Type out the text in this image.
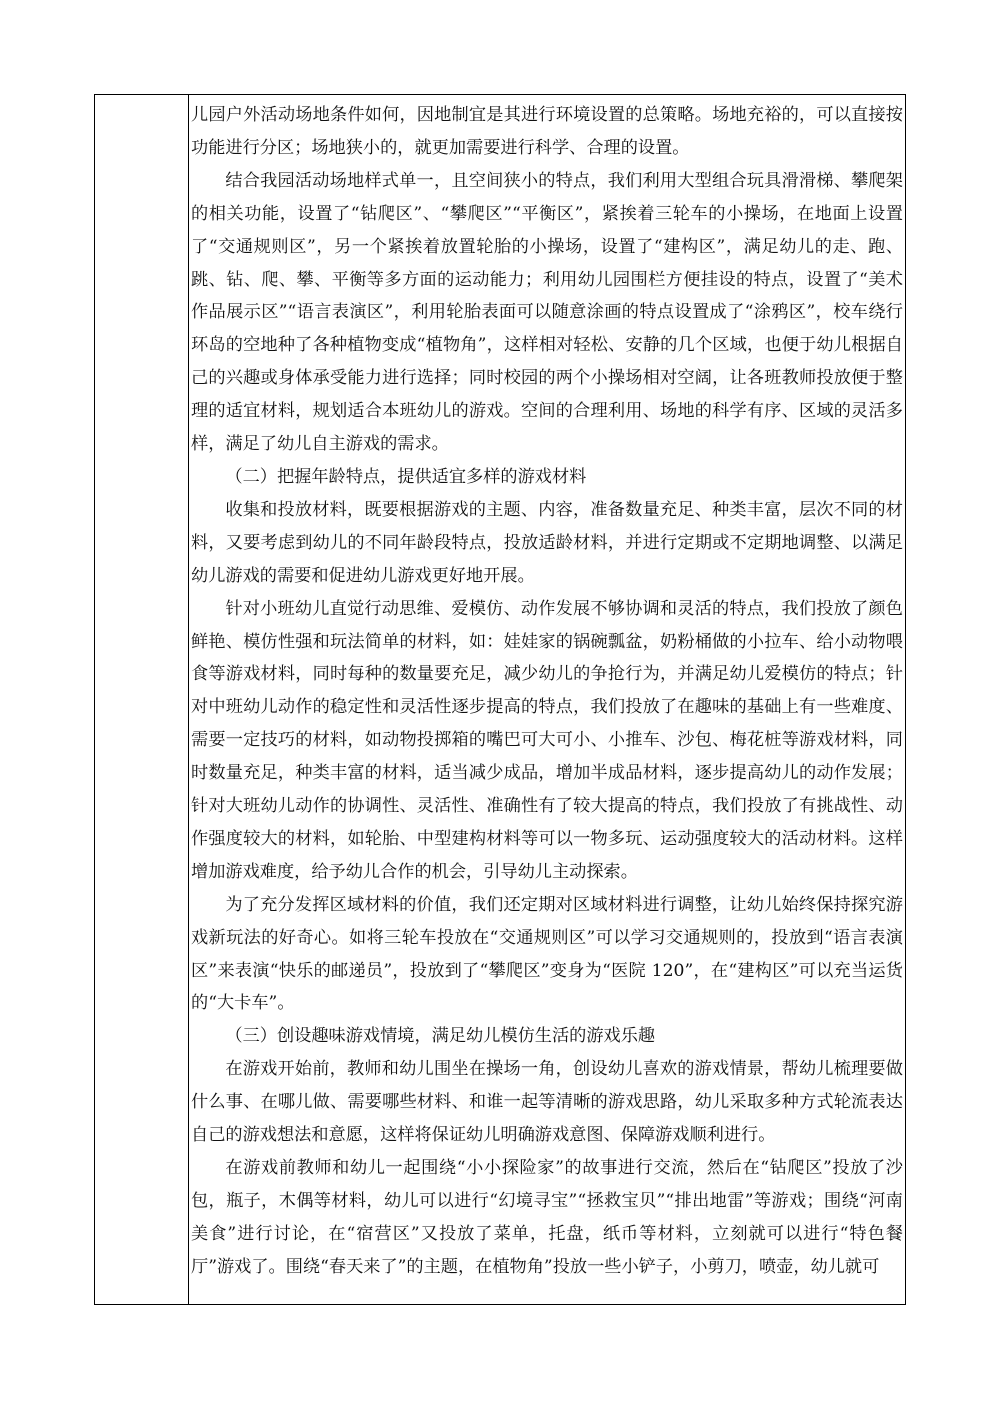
儿园户外活动场地条件如何，因地制宜是其进行环境设置的总策略。场地充裕的，可以直接按功能进行分区；场地狭小的，就更加需要进行科学、合理的设置。

结合我园活动场地样式单一，且空间狭小的特点，我们利用大型组合玩具滑滑梯、攀爬架的相关功能，设置了“钻爬区”、“攀爬区”“平衡区”，紧挨着三轮车的小操场，在地面上设置了“交通规则区”，另一个紧挨着放置轮胎的小操场，设置了“建构区”，满足幼儿的走、跑、跳、钻、爬、攀、平衡等多方面的运动能力；利用幼儿园围栏方便挂设的特点，设置了“美术作品展示区”“语言表演区”，利用轮胎表面可以随意涂画的特点设置成了“涂鸦区”，校车绕行环岛的空地种了各种植物变成“植物角”，这样相对轻松、安静的几个区域，也便于幼儿根据自己的兴趣或身体承受能力进行选择；同时校园的两个小操场相对空阔，让各班教师投放便于整理的适宜材料，规划适合本班幼儿的游戏。空间的合理利用、场地的科学有序、区域的灵活多样，满足了幼儿自主游戏的需求。

（二）把握年龄特点，提供适宜多样的游戏材料

收集和投放材料，既要根据游戏的主题、内容，准备数量充足、种类丰富，层次不同的材料，又要考虑到幼儿的不同年龄段特点，投放适龄材料，并进行定期或不定期地调整、以满足幼儿游戏的需要和促进幼儿游戏更好地开展。

针对小班幼儿直觉行动思维、爱模仿、动作发展不够协调和灵活的特点，我们投放了颜色鲜艳、模仿性强和玩法简单的材料，如：娃娃家的锅碗瓢盆，奶粉桶做的小拉车、给小动物喂食等游戏材料，同时每种的数量要充足，减少幼儿的争抢行为，并满足幼儿爱模仿的特点；针对中班幼儿动作的稳定性和灵活性逐步提高的特点，我们投放了在趣味的基础上有一些难度、需要一定技巧的材料，如动物投掷箱的嘴巴可大可小、小推车、沙包、梅花桩等游戏材料，同时数量充足，种类丰富的材料，适当减少成品，增加半成品材料，逐步提高幼儿的动作发展；针对大班幼儿动作的协调性、灵活性、准确性有了较大提高的特点，我们投放了有挑战性、动作强度较大的材料，如轮胎、中型建构材料等可以一物多玩、运动强度较大的活动材料。这样增加游戏难度，给予幼儿合作的机会，引导幼儿主动探索。

为了充分发挥区域材料的价值，我们还定期对区域材料进行调整，让幼儿始终保持探究游戏新玩法的好奇心。如将三轮车投放在“交通规则区”可以学习交通规则的，投放到“语言表演区”来表演“快乐的邮递员”，投放到了“攀爬区”变身为“医院 120”，在“建构区”可以充当运货的“大卡车”。

（三）创设趣味游戏情境，满足幼儿模仿生活的游戏乐趣

在游戏开始前，教师和幼儿围坐在操场一角，创设幼儿喜欢的游戏情景，帮幼儿梳理要做什么事、在哪儿做、需要哪些材料、和谁一起等清晰的游戏思路，幼儿采取多种方式轮流表达自己的游戏想法和意愿，这样将保证幼儿明确游戏意图、保障游戏顺利进行。

在游戏前教师和幼儿一起围绕“小小探险家”的故事进行交流，然后在“钻爬区”投放了沙包，瓶子，木偶等材料，幼儿可以进行“幻境寻宝”“拯救宝贝”“排出地雷”等游戏；围绕“河南美食”进行讨论，在“宿营区”又投放了菜单，托盘，纸币等材料，立刻就可以进行“特色餐厅”游戏了。围绕“春天来了”的主题，在植物角”投放一些小铲子，小剪刀，喷壶，幼儿就可
